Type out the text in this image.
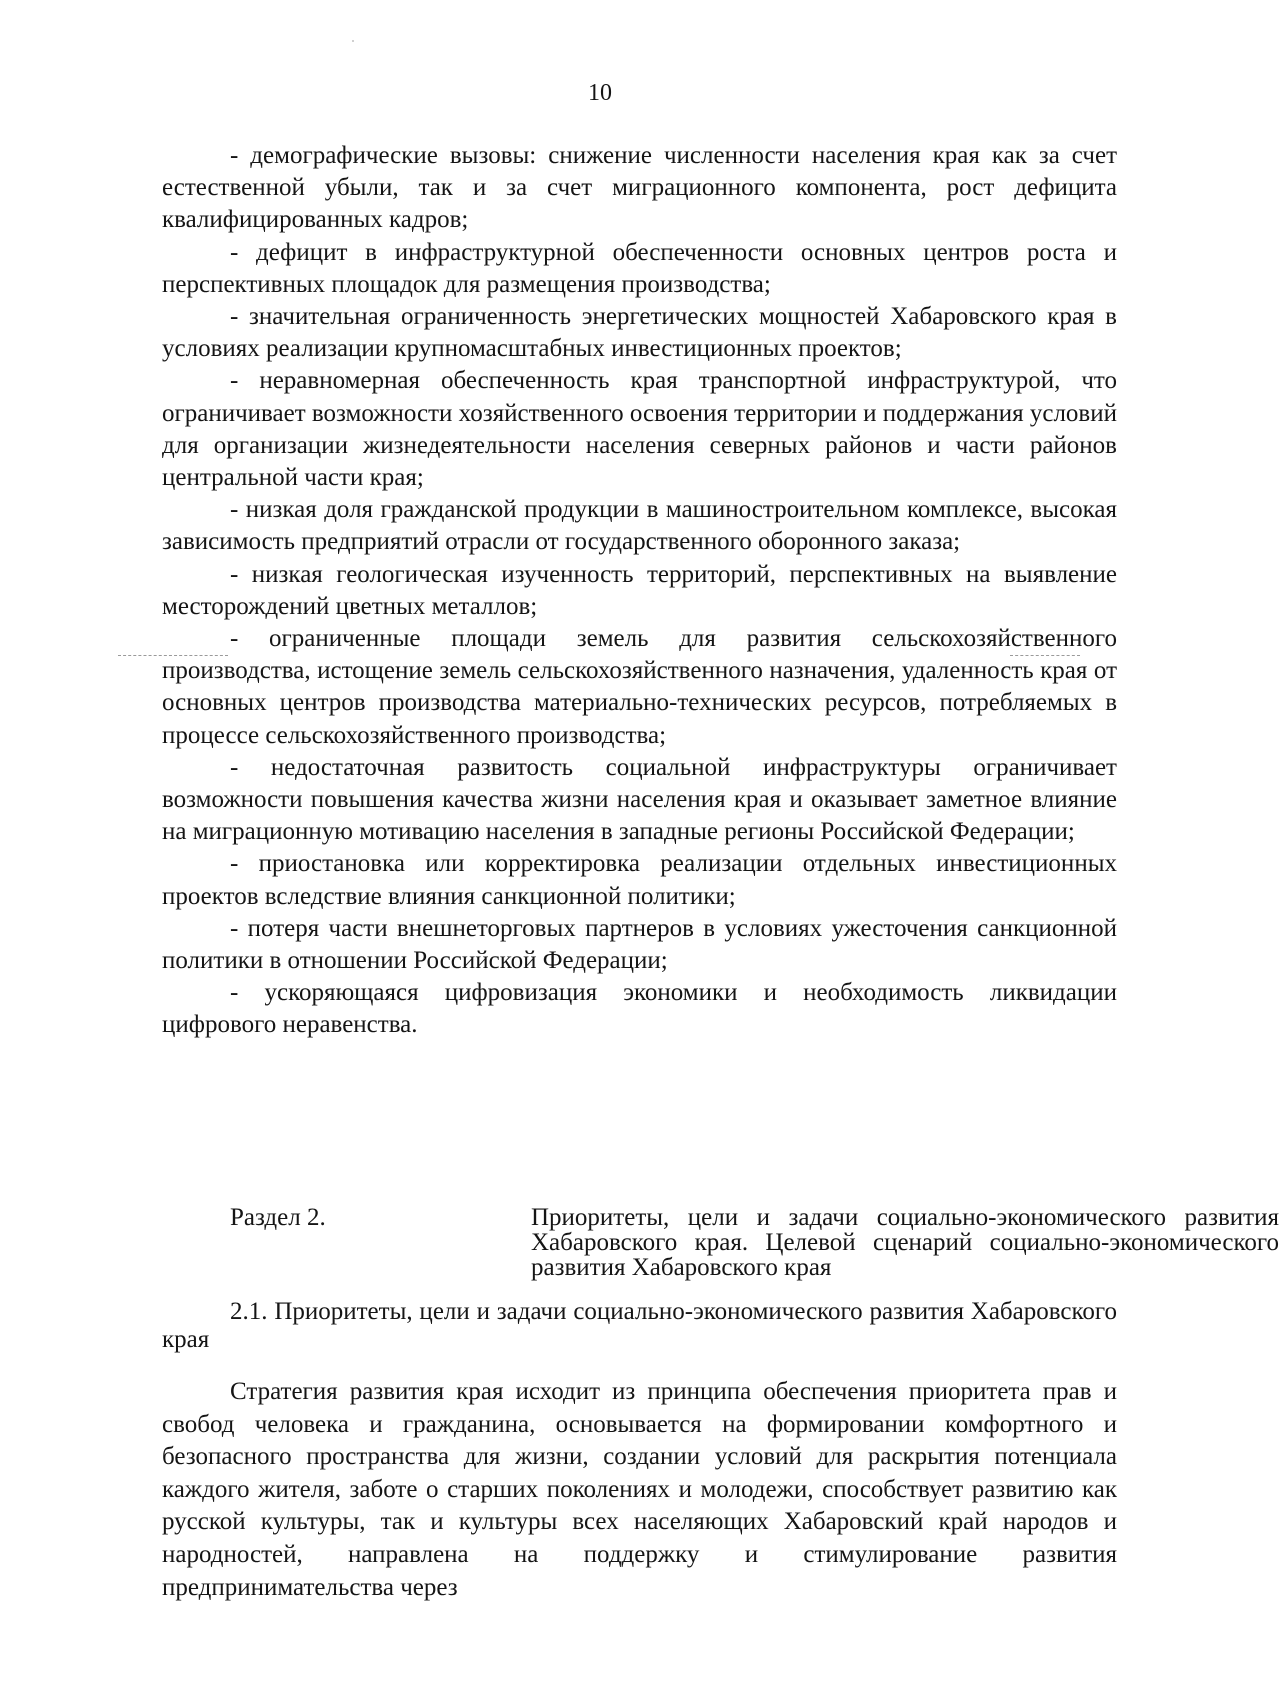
10

- демографические вызовы: снижение численности населения края как за счет естественной убыли, так и за счет миграционного компонента, рост дефицита квалифицированных кадров;

- дефицит в инфраструктурной обеспеченности основных центров роста и перспективных площадок для размещения производства;

- значительная ограниченность энергетических мощностей Хабаровского края в условиях реализации крупномасштабных инвестиционных проектов;

- неравномерная обеспеченность края транспортной инфраструктурой, что ограничивает возможности хозяйственного освоения территории и поддержания условий для организации жизнедеятельности населения северных районов и части районов центральной части края;

- низкая доля гражданской продукции в машиностроительном комплексе, высокая зависимость предприятий отрасли от государственного оборонного заказа;

- низкая геологическая изученность территорий, перспективных на выявление месторождений цветных металлов;

- ограниченные площади земель для развития сельскохозяйственного производства, истощение земель сельскохозяйственного назначения, удаленность края от основных центров производства материально-технических ресурсов, потребляемых в процессе сельскохозяйственного производства;

- недостаточная развитость социальной инфраструктуры ограничивает возможности повышения качества жизни населения края и оказывает заметное влияние на миграционную мотивацию населения в западные регионы Российской Федерации;

- приостановка или корректировка реализации отдельных инвестиционных проектов вследствие влияния санкционной политики;

- потеря части внешнеторговых партнеров в условиях ужесточения санкционной политики в отношении Российской Федерации;

- ускоряющаяся цифровизация экономики и необходимость ликвидации цифрового неравенства.

Раздел 2.	Приоритеты, цели и задачи социально-экономического развития Хабаровского края. Целевой сценарий социально-экономического развития Хабаровского края

2.1. Приоритеты, цели и задачи социально-экономического развития Хабаровского края

Стратегия развития края исходит из принципа обеспечения приоритета прав и свобод человека и гражданина, основывается на формировании комфортного и безопасного пространства для жизни, создании условий для раскрытия потенциала каждого жителя, заботе о старших поколениях и молодежи, способствует развитию как русской культуры, так и культуры всех населяющих Хабаровский край народов и народностей, направлена на поддержку и стимулирование развития предпринимательства через
